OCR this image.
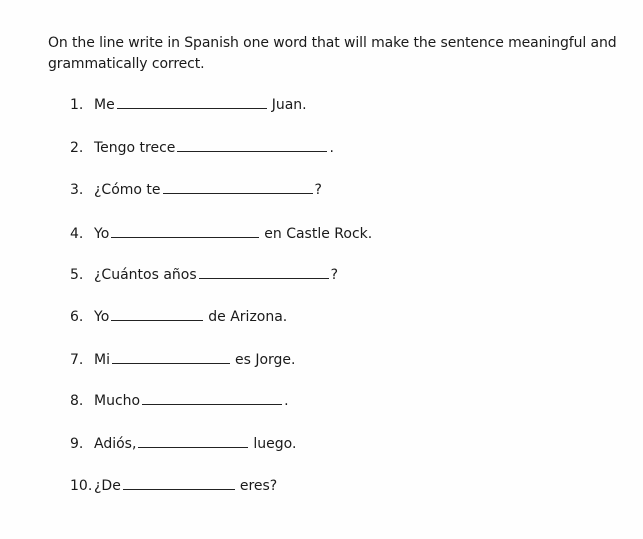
On the line write in Spanish one word that will make the sentence meaningful and grammatically correct.
1. Me	Juan.
2. Tengo trece	.
3. ¿Cómo te	?
4. Yo	en Castle Rock.
5. ¿Cuántos años	?
6. Yo	de Arizona.
7. Mi	es Jorge.
8. Mucho	.
9. Adiós,	luego.
10. ¿De	eres?
